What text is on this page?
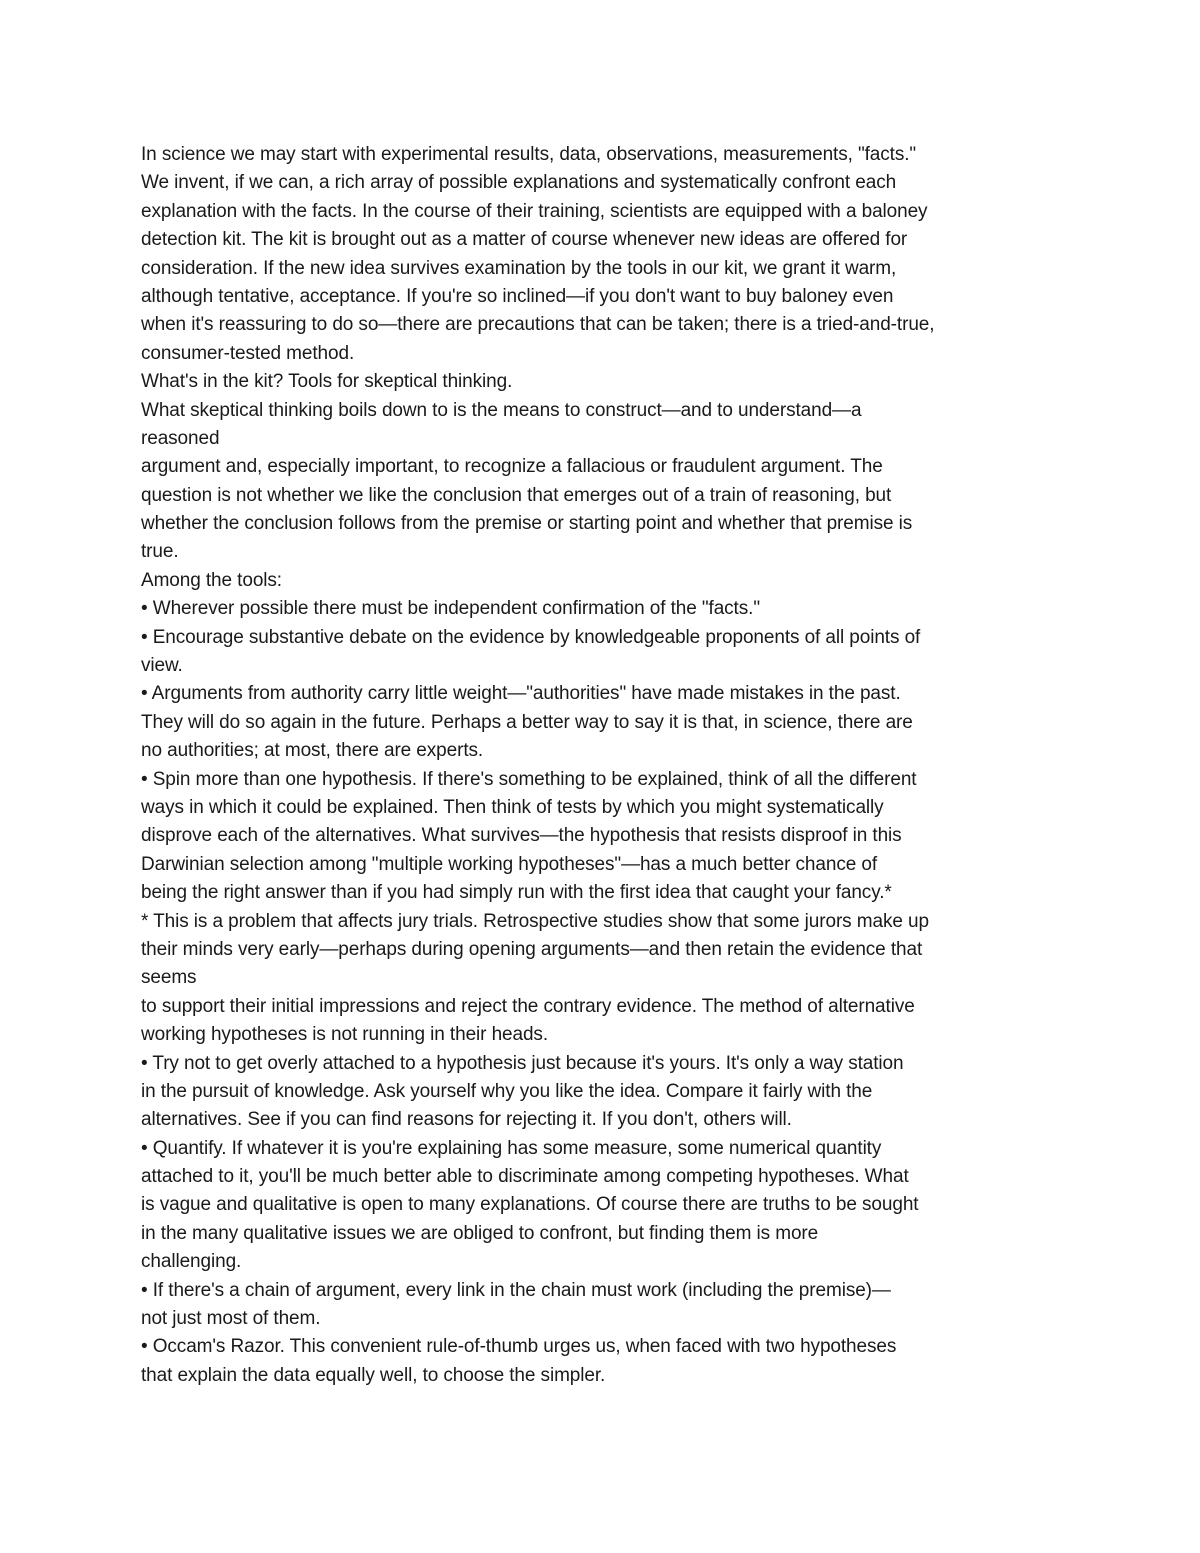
In science we may start with experimental results, data, observations, measurements, "facts."
We invent, if we can, a rich array of possible explanations and systematically confront each
explanation with the facts. In the course of their training, scientists are equipped with a baloney
detection kit. The kit is brought out as a matter of course whenever new ideas are offered for
consideration. If the new idea survives examination by the tools in our kit, we grant it warm,
although tentative, acceptance. If you're so inclined—if you don't want to buy baloney even
when it's reassuring to do so—there are precautions that can be taken; there is a tried-and-true,
consumer-tested method.
What's in the kit? Tools for skeptical thinking.
What skeptical thinking boils down to is the means to construct—and to understand—a
reasoned
argument and, especially important, to recognize a fallacious or fraudulent argument. The
question is not whether we like the conclusion that emerges out of a train of reasoning, but
whether the conclusion follows from the premise or starting point and whether that premise is
true.
Among the tools:
• Wherever possible there must be independent confirmation of the "facts."
• Encourage substantive debate on the evidence by knowledgeable proponents of all points of
view.
• Arguments from authority carry little weight—"authorities" have made mistakes in the past.
They will do so again in the future. Perhaps a better way to say it is that, in science, there are
no authorities; at most, there are experts.
• Spin more than one hypothesis. If there's something to be explained, think of all the different
ways in which it could be explained. Then think of tests by which you might systematically
disprove each of the alternatives. What survives—the hypothesis that resists disproof in this
Darwinian selection among "multiple working hypotheses"—has a much better chance of
being the right answer than if you had simply run with the first idea that caught your fancy.*
* This is a problem that affects jury trials. Retrospective studies show that some jurors make up
their minds very early—perhaps during opening arguments—and then retain the evidence that
seems
to support their initial impressions and reject the contrary evidence. The method of alternative
working hypotheses is not running in their heads.
• Try not to get overly attached to a hypothesis just because it's yours. It's only a way station
in the pursuit of knowledge. Ask yourself why you like the idea. Compare it fairly with the
alternatives. See if you can find reasons for rejecting it. If you don't, others will.
• Quantify. If whatever it is you're explaining has some measure, some numerical quantity
attached to it, you'll be much better able to discriminate among competing hypotheses. What
is vague and qualitative is open to many explanations. Of course there are truths to be sought
in the many qualitative issues we are obliged to confront, but finding them is more
challenging.
• If there's a chain of argument, every link in the chain must work (including the premise)—
not just most of them.
• Occam's Razor. This convenient rule-of-thumb urges us, when faced with two hypotheses
that explain the data equally well, to choose the simpler.
